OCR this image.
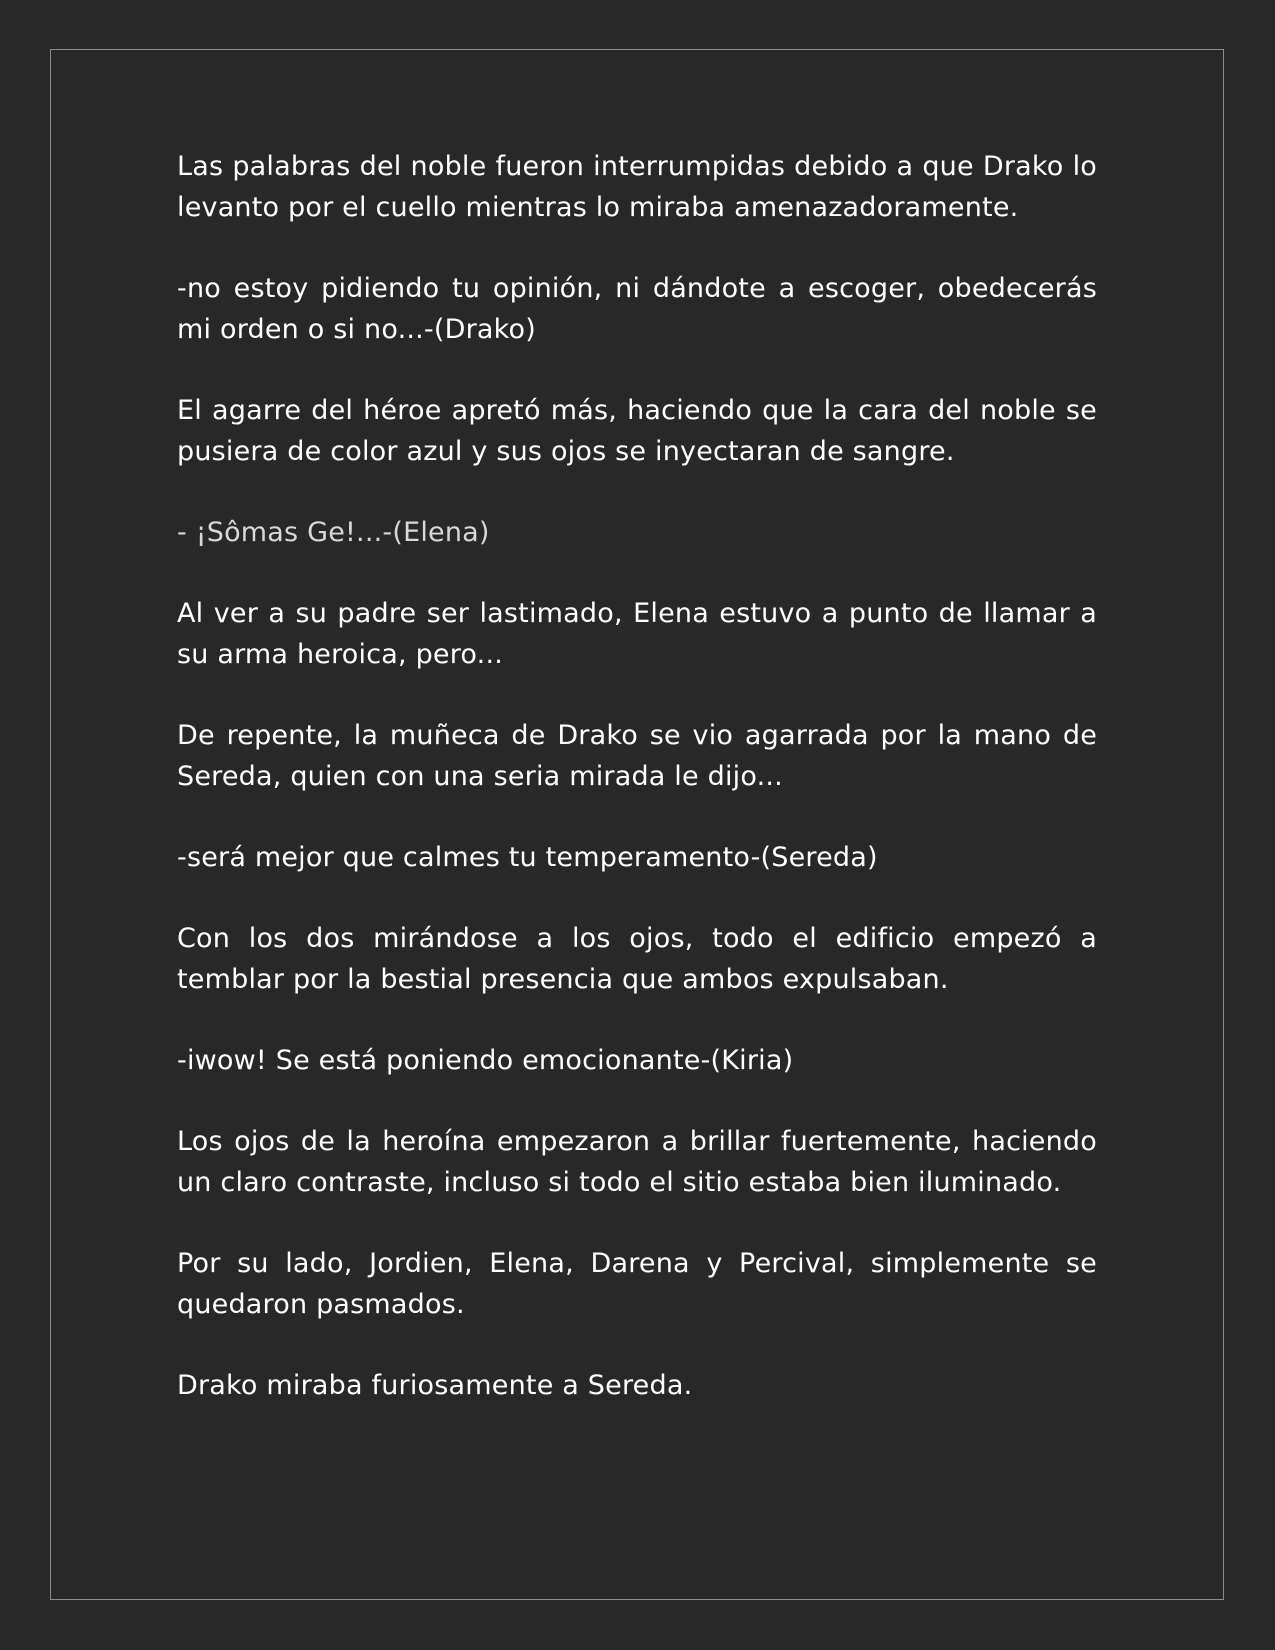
Las palabras del noble fueron interrumpidas debido a que Drako lo levanto por el cuello mientras lo miraba amenazadoramente.

-no estoy pidiendo tu opinión, ni dándote a escoger, obedecerás mi orden o si no...-(Drako)

El agarre del héroe apretó más, haciendo que la cara del noble se pusiera de color azul y sus ojos se inyectaran de sangre.

- ¡Sômas Ge!...-(Elena)

Al ver a su padre ser lastimado, Elena estuvo a punto de llamar a su arma heroica, pero...

De repente, la muñeca de Drako se vio agarrada por la mano de Sereda, quien con una seria mirada le dijo...

-será mejor que calmes tu temperamento-(Sereda)

Con los dos mirándose a los ojos, todo el edificio empezó a temblar por la bestial presencia que ambos expulsaban.

-iwow! Se está poniendo emocionante-(Kiria)

Los ojos de la heroína empezaron a brillar fuertemente, haciendo un claro contraste, incluso si todo el sitio estaba bien iluminado.

Por su lado, Jordien, Elena, Darena y Percival, simplemente se quedaron pasmados.

Drako miraba furiosamente a Sereda.
